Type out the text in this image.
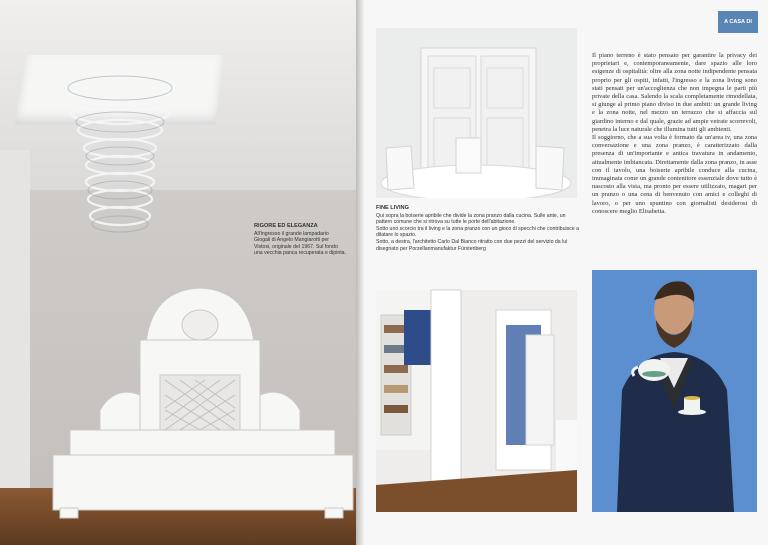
RIGORE ED ELEGANZA
All'ingresso il grande lampadario Giogali di Angelo Mangiarotti per Vistosi, originale del 1967. Sul fondo una vecchia panca recuperata e dipinta.
A CASA DI
FINE LIVING

Qui sopra la boiserie apribile che divide la zona pranzo dalla cucina. Sulle ante, un pattern comune che si ritrova su tutte le porte dell'abitazione.

Sotto uno scorcio tra il living e la zona pranzo con un gioco di specchi che contribuisce a dilatare lo spazio.

Sotto, a destra, l'architetto Carlo Dal Bianco ritratto con due pezzi del servizio da lui disegnato per Porzellanmanufaktur Fürstenberg

Il piano terreno è stato pensato per garantire la privacy dei proprietari e, contemporaneamente, dare spazio alle loro esigenze di ospitalità: oltre alla zona notte indipendente pensata proprio per gli ospiti, infatti, l'ingresso e la zona living sono stati pensati per un'accoglienza che non impegna le parti più private della casa. Salendo la scala completamente rimodellata, si giunge al primo piano diviso in due ambiti: un grande living e la zona notte, nel mezzo un terrazzo che si affaccia sul giardino interno e dal quale, grazie ad ampie vetrate scorrevoli, penetra la luce naturale che illumina tutti gli ambienti.

Il soggiorno, che a sua volta è formato da un'area tv, una zona conversazione e una zona pranzo, è caratterizzato dalla presenza di un'importante e antica travatura in andamento, attualmente imbiancata. Direttamente dalla zona pranzo, in asse con il tavolo, una boiserie apribile conduce alla cucina, immaginata come un grande contenitore essenziale dove tutto è nascosto alla vista, ma pronto per essere utilizzato, magari per un pranzo o una cena di benvenuto con amici e colleghi di lavoro, o per uno spuntino con giornalisti desiderosi di conoscere meglio Elisabetta.
